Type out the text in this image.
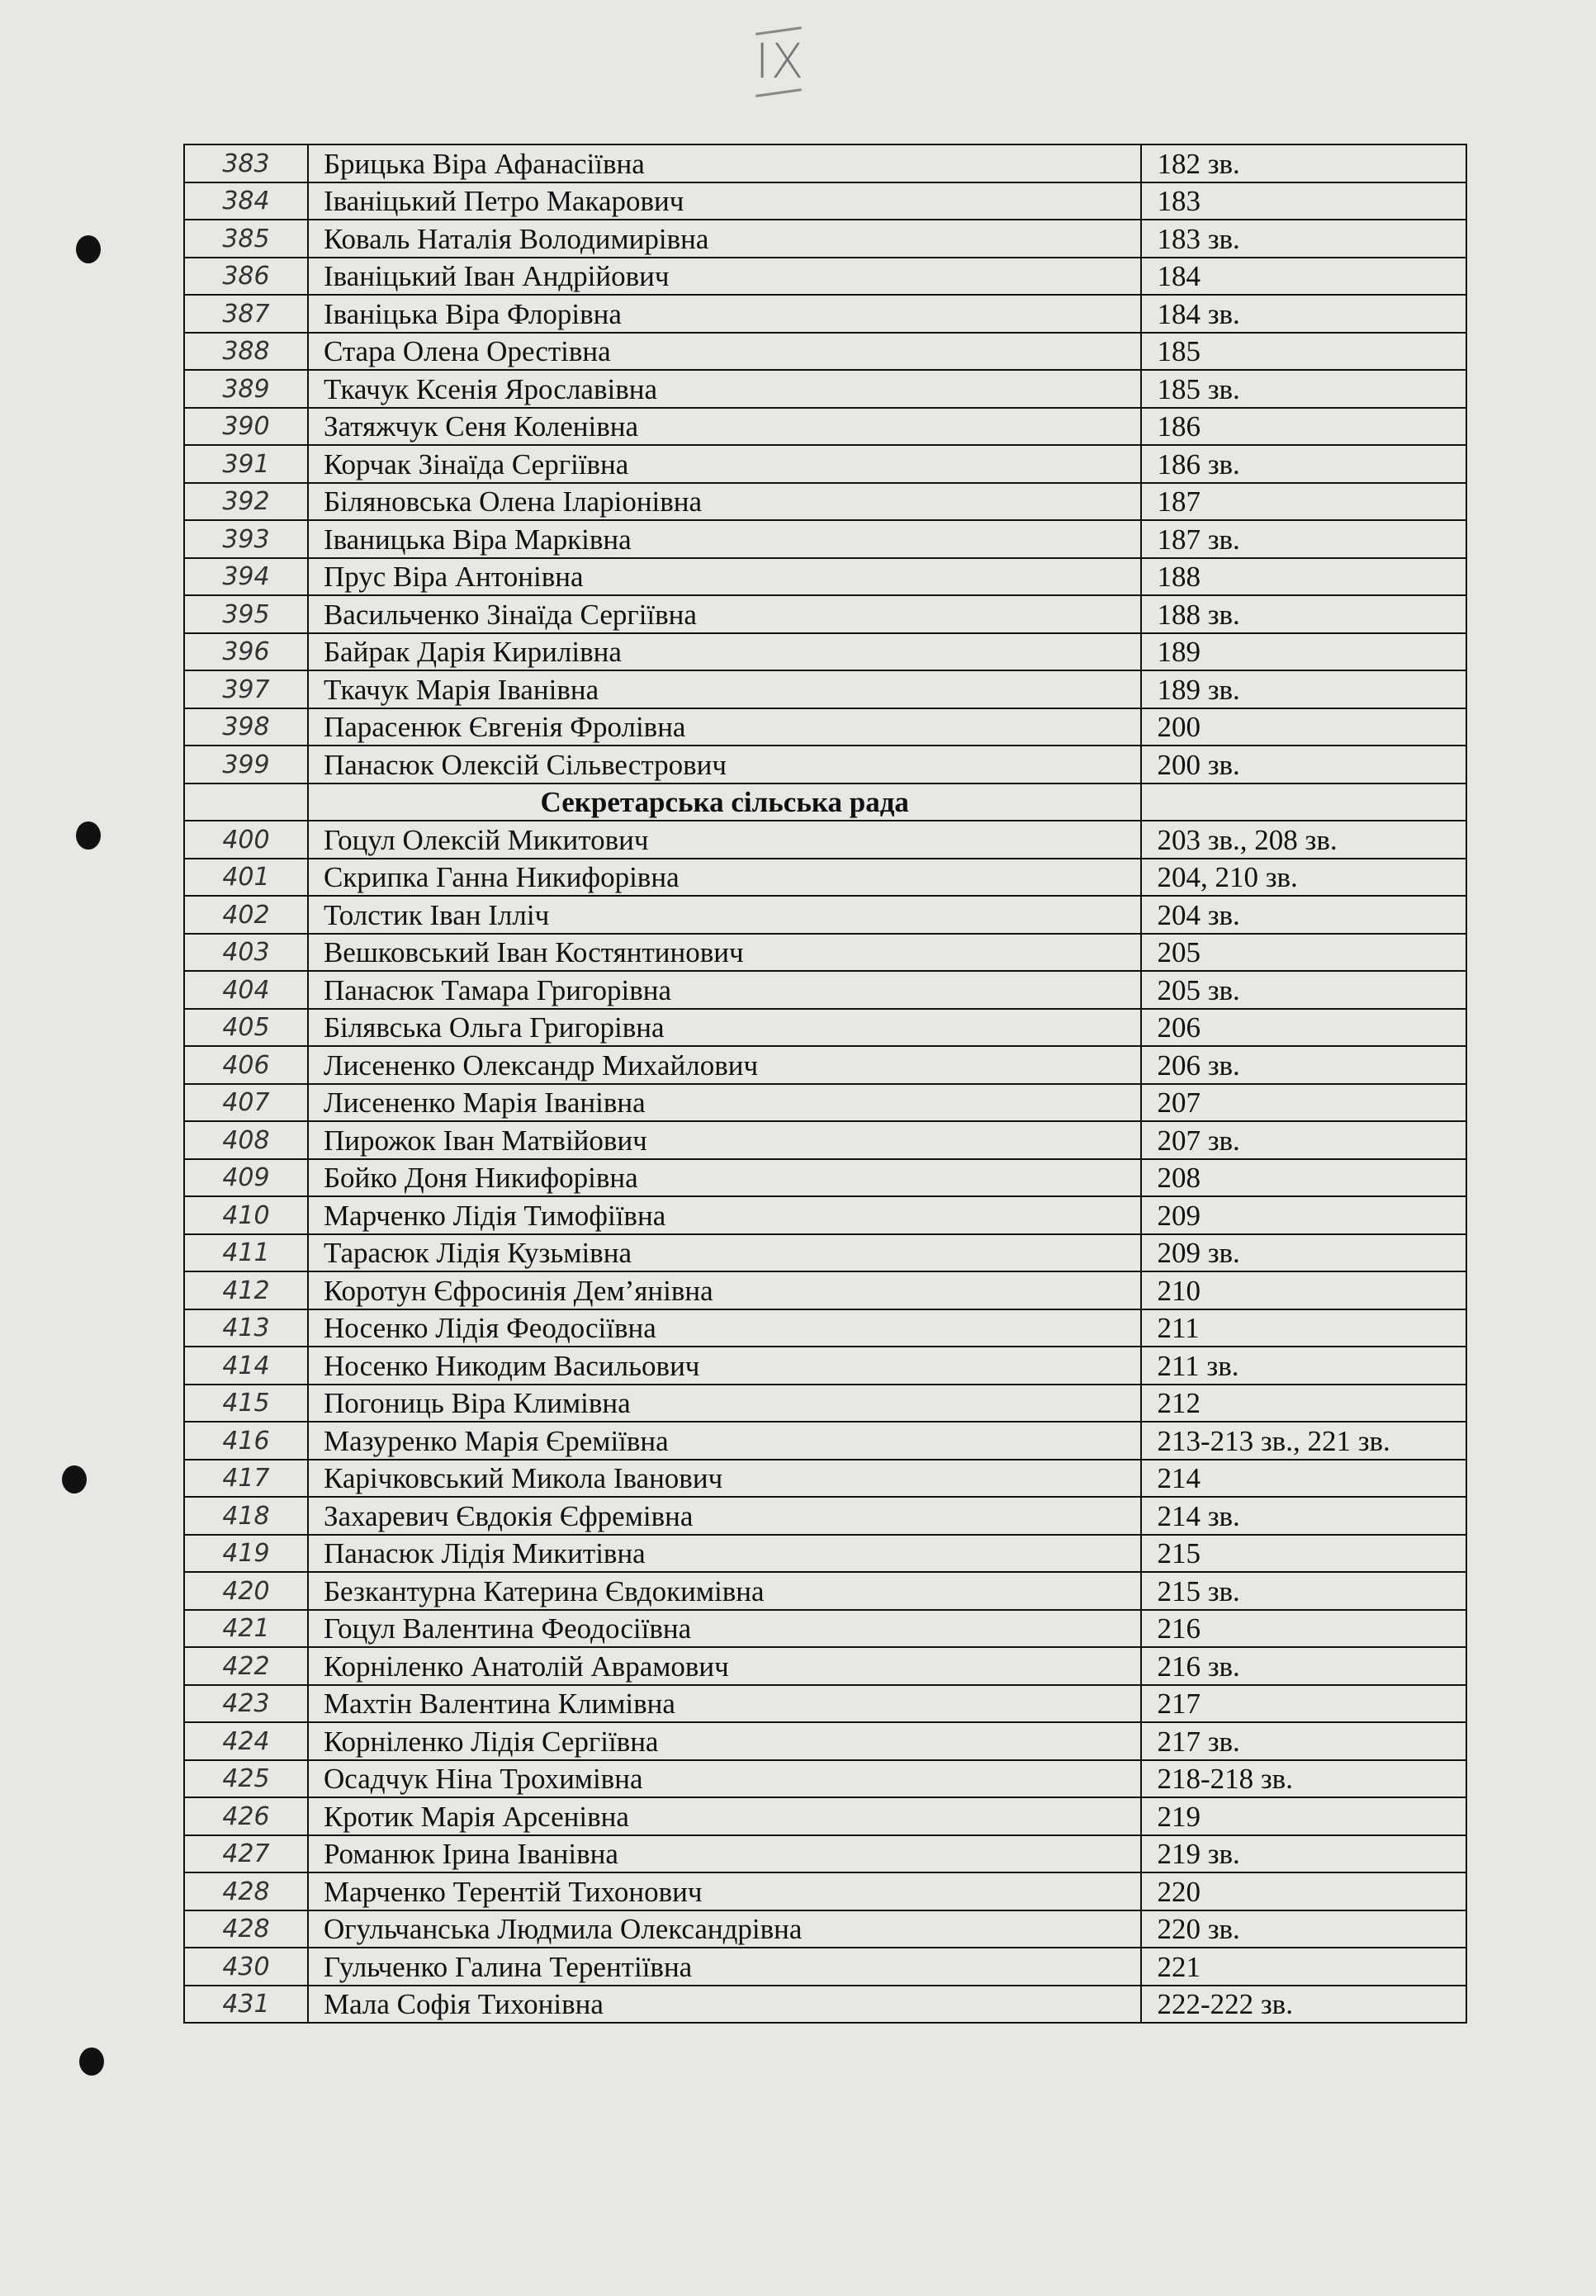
IX
383	Брицька Віра Афанасіївна	182 зв.
384	Іваніцький Петро Макарович	183
385	Коваль Наталія Володимирівна	183 зв.
386	Іваніцький Іван Андрійович	184
387	Іваніцька Віра Флорівна	184 зв.
388	Стара Олена Орестівна	185
389	Ткачук Ксенія Ярославівна	185 зв.
390	Затяжчук Сеня Коленівна	186
391	Корчак Зінаїда Сергіївна	186 зв.
392	Біляновська Олена Іларіонівна	187
393	Іваницька Віра Марківна	187 зв.
394	Прус Віра Антонівна	188
395	Васильченко Зінаїда Сергіївна	188 зв.
396	Байрак Дарія Кирилівна	189
397	Ткачук Марія Іванівна	189 зв.
398	Парасенюк Євгенія Фролівна	200
399	Панасюк Олексій Сільвестрович	200 зв.
	Секретарська сільська рада	
400	Гоцул Олексій Микитович	203 зв., 208 зв.
401	Скрипка Ганна Никифорівна	204, 210 зв.
402	Толстик Іван Ілліч	204 зв.
403	Вешковський Іван Костянтинович	205
404	Панасюк Тамара Григорівна	205 зв.
405	Білявська Ольга Григорівна	206
406	Лисененко Олександр Михайлович	206 зв.
407	Лисененко Марія Іванівна	207
408	Пирожок Іван Матвійович	207 зв.
409	Бойко Доня Никифорівна	208
410	Марченко Лідія Тимофіївна	209
411	Тарасюк Лідія Кузьмівна	209 зв.
412	Коротун Єфросинія Дем’янівна	210
413	Носенко Лідія Феодосіївна	211
414	Носенко Никодим Васильович	211 зв.
415	Погониць Віра Климівна	212
416	Мазуренко Марія Єреміївна	213-213 зв., 221 зв.
417	Карічковський Микола Іванович	214
418	Захаревич Євдокія Єфремівна	214 зв.
419	Панасюк Лідія Микитівна	215
420	Безкантурна Катерина Євдокимівна	215 зв.
421	Гоцул Валентина Феодосіївна	216
422	Корніленко Анатолій Аврамович	216 зв.
423	Махтін Валентина Климівна	217
424	Корніленко Лідія Сергіївна	217 зв.
425	Осадчук Ніна Трохимівна	218-218 зв.
426	Кротик Марія Арсенівна	219
427	Романюк Ірина Іванівна	219 зв.
428	Марченко Терентій Тихонович	220
428	Огульчанська Людмила Олександрівна	220 зв.
430	Гульченко Галина Терентіївна	221
431	Мала Софія Тихонівна	222-222 зв.
